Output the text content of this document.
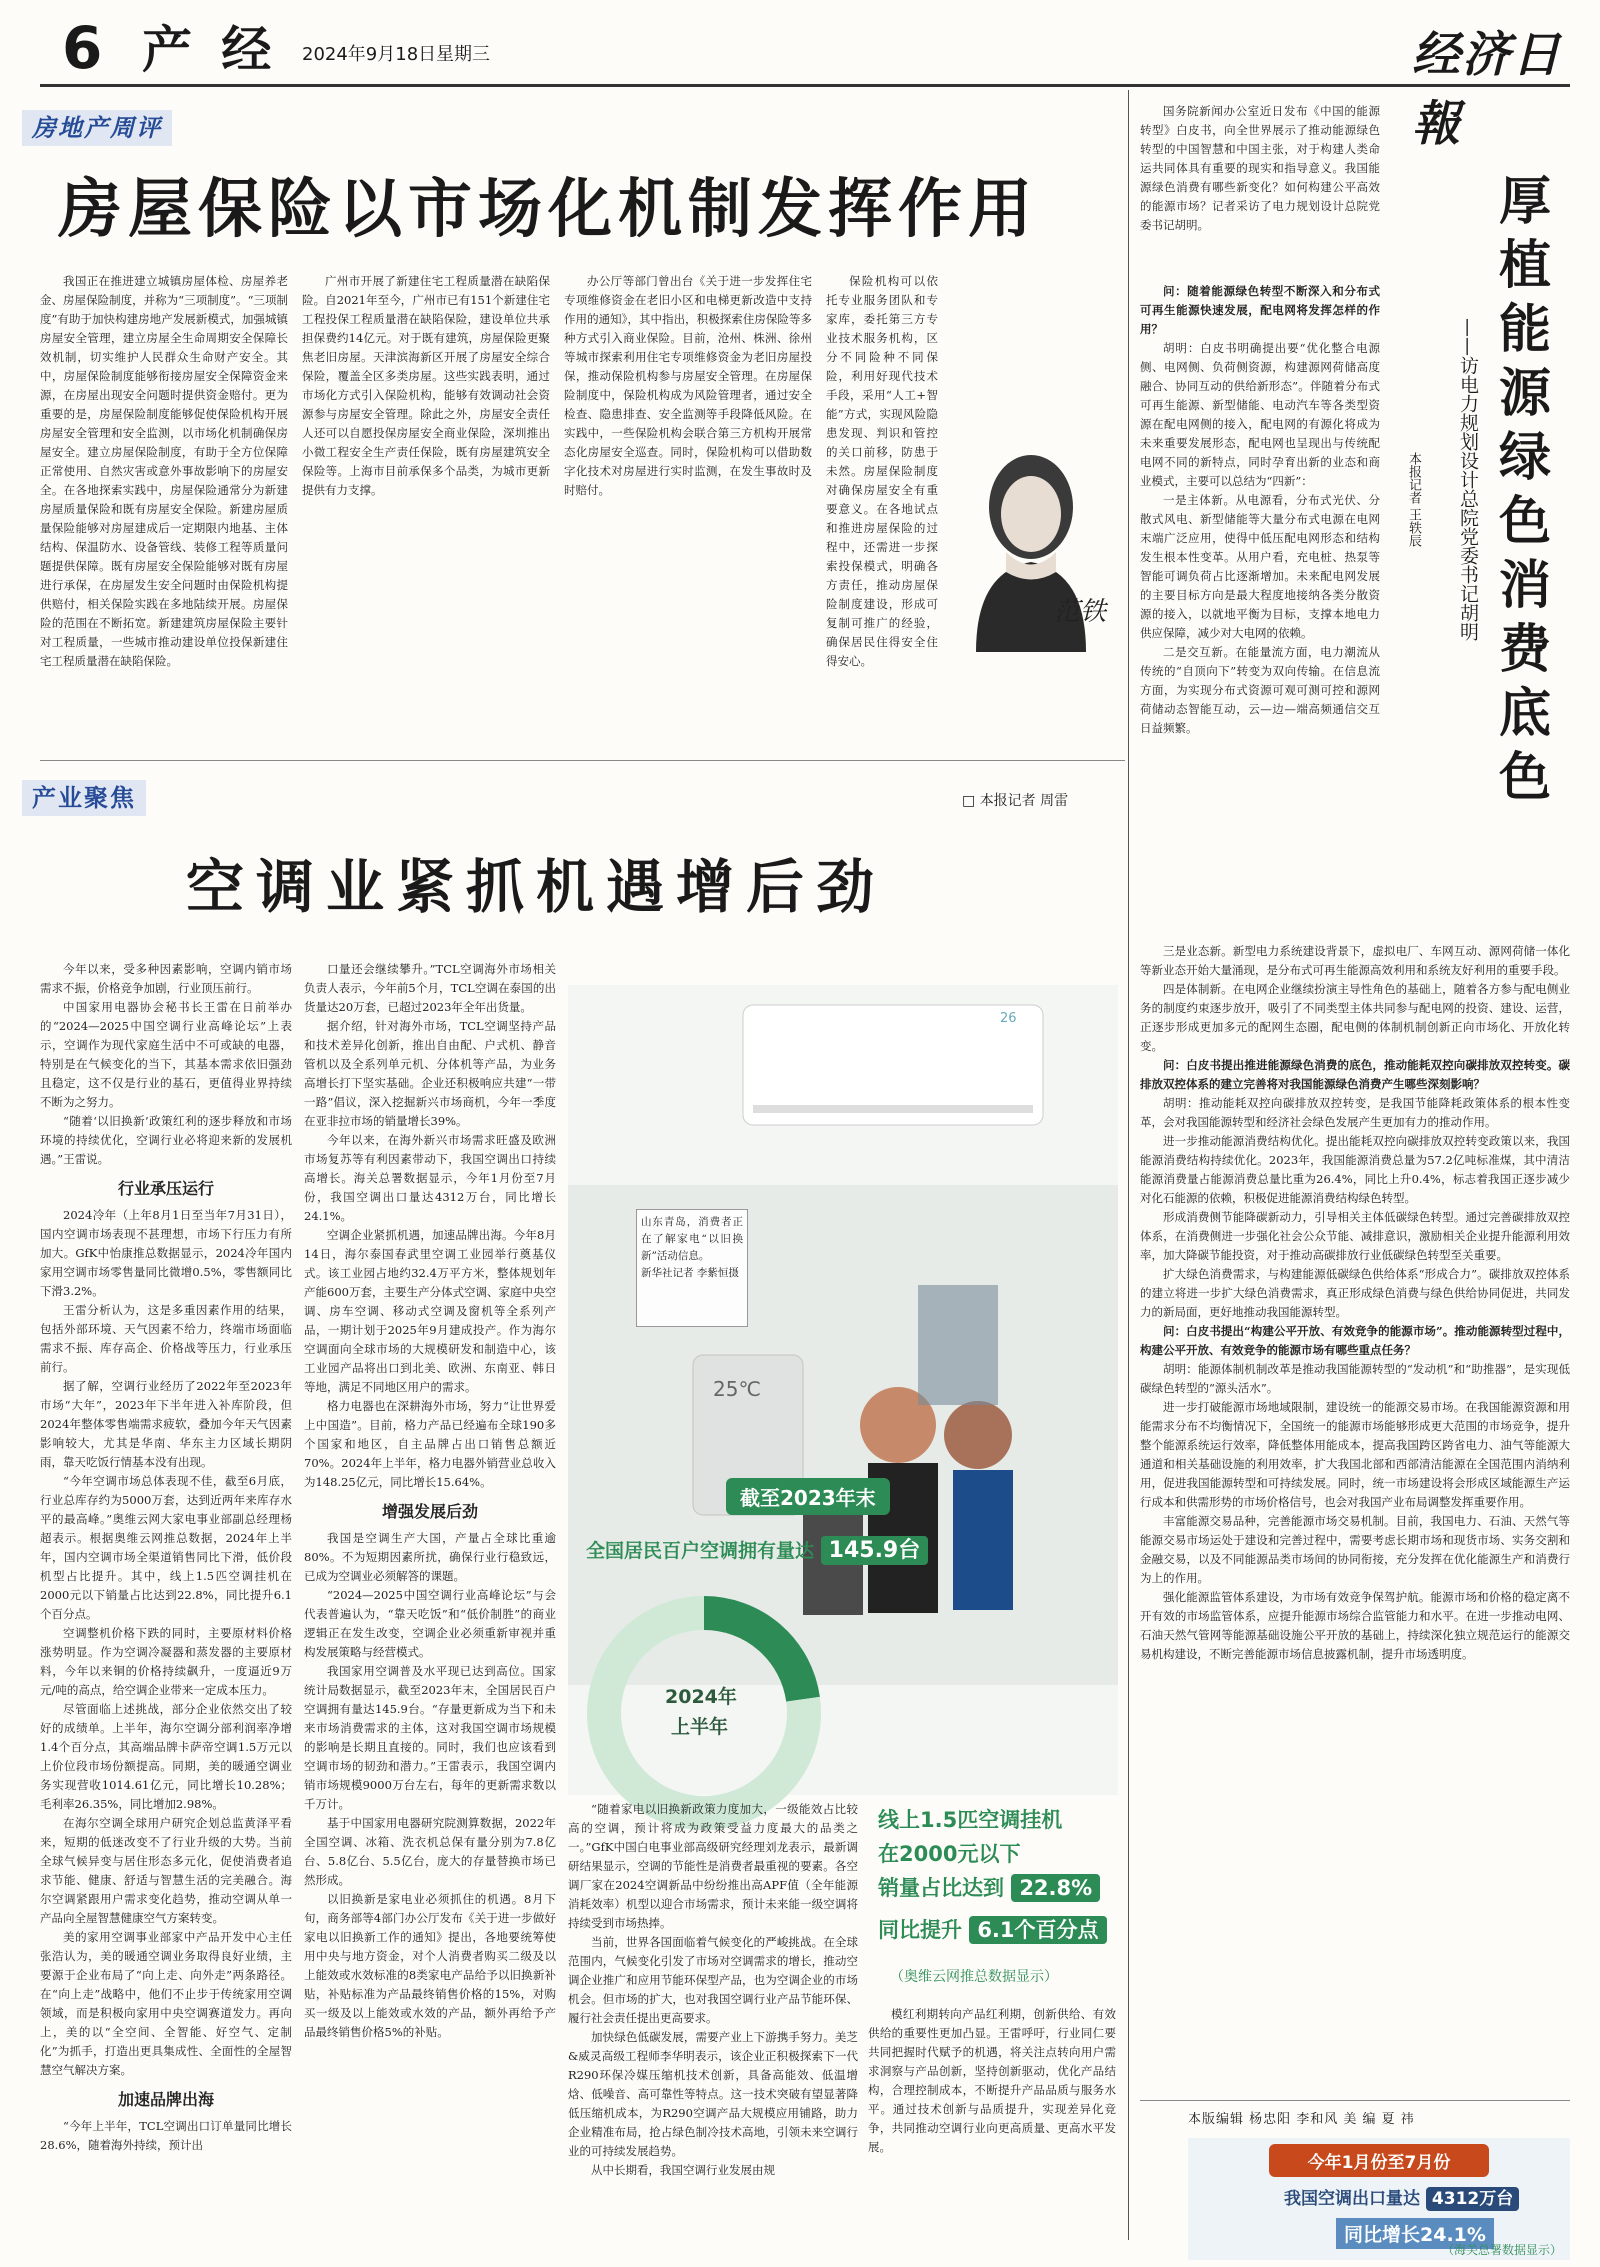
6 产 经 2024年9月18日 星期三	经济日報
房地产周评
房屋保险以市场化机制发挥作用

我国正在推进建立城镇房屋体检、房屋养老金、房屋保险制度，并称为“三项制度”。“三项制度”有助于加快构建房地产发展新模式，加强城镇房屋安全管理，建立房屋全生命周期安全保障长效机制，切实维护人民群众生命财产安全。其中，房屋保险制度能够衔接房屋安全保障资金来源，在房屋出现安全问题时提供资金赔付。更为重要的是，房屋保险制度能够促使保险机构开展房屋安全管理和安全监测，以市场化机制确保房屋安全。建立房屋保险制度，有助于全方位保障正常使用、自然灾害或意外事故影响下的房屋安全。在各地探索实践中，房屋保险通常分为新建房屋质量保险和既有房屋安全保险。新建房屋质量保险能够对房屋建成后一定期限内地基、主体结构、保温防水、设备管线、装修工程等质量问题提供保障。既有房屋安全保险能够对既有房屋进行承保，在房屋发生安全问题时由保险机构提供赔付，相关保险实践在多地陆续开展。房屋保险的范围在不断拓宽。新建建筑房屋保险主要针对工程质量，一些城市推动建设单位投保新建住宅工程质量潜在缺陷保险。

广州市开展了新建住宅工程质量潜在缺陷保险。自2021年至今，广州市已有151个新建住宅工程投保工程质量潜在缺陷保险，建设单位共承担保费约14亿元。对于既有建筑，房屋保险更聚焦老旧房屋。天津滨海新区开展了房屋安全综合保险，覆盖全区多类房屋。这些实践表明，通过市场化方式引入保险机构，能够有效调动社会资源参与房屋安全管理。除此之外，房屋安全责任人还可以自愿投保房屋安全商业保险，深圳推出小微工程安全生产责任保险，既有房屋建筑安全保险等。上海市目前承保多个品类，为城市更新提供有力支撑。

办公厅等部门曾出台《关于进一步发挥住宅专项维修资金在老旧小区和电梯更新改造中支持作用的通知》，其中指出，积极探索住房保险等多种方式引入商业保险。目前，沧州、株洲、徐州等城市探索利用住宅专项维修资金为老旧房屋投保，推动保险机构参与房屋安全管理。在房屋保险制度中，保险机构成为风险管理者，通过安全检查、隐患排查、安全监测等手段降低风险。在实践中，一些保险机构会联合第三方机构开展常态化房屋安全巡查。同时，保险机构可以借助数字化技术对房屋进行实时监测，在发生事故时及时赔付。

范铁

保险机构可以依托专业服务团队和专家库，委托第三方专业技术服务机构，区分不同险种不同保险，利用好现代技术手段，采用“人工+智能”方式，实现风险隐患发现、判识和管控的关口前移，防患于未然。房屋保险制度对确保房屋安全有重要意义。在各地试点和推进房屋保险的过程中，还需进一步探索投保模式，明确各方责任，推动房屋保险制度建设，形成可复制可推广的经验，确保居民住得安全住得安心。

产业聚焦	□ 本报记者 周雷
空调业紧抓机遇增后劲

今年以来，受多种因素影响，空调内销市场需求不振，价格竞争加剧，行业顶压前行。

中国家用电器协会秘书长王雷在日前举办的“2024—2025中国空调行业高峰论坛”上表示，空调作为现代家庭生活中不可或缺的电器，特别是在气候变化的当下，其基本需求依旧强劲且稳定，这不仅是行业的基石，更值得业界持续不断为之努力。

“随着‘以旧换新’政策红利的逐步释放和市场环境的持续优化，空调行业必将迎来新的发展机遇。”王雷说。

行业承压运行

2024冷年（上年8月1日至当年7月31日），国内空调市场表现不甚理想，市场下行压力有所加大。GfK中怡康推总数据显示，2024冷年国内家用空调市场零售量同比微增0.5%，零售额同比下滑3.2%。

王雷分析认为，这是多重因素作用的结果，包括外部环境、天气因素不给力，终端市场面临需求不振、库存高企、价格战等压力，行业承压前行。

据了解，空调行业经历了2022年至2023年市场“大年”，2023年下半年进入补库阶段，但2024年整体零售端需求疲软，叠加今年天气因素影响较大，尤其是华南、华东主力区域长期阴雨，靠天吃饭行情基本没有出现。

“今年空调市场总体表现不佳，截至6月底，行业总库存约为5000万套，达到近两年来库存水平的最高峰。”奥维云网大家电事业部副总经理杨超表示。根据奥维云网推总数据，2024年上半年，国内空调市场全渠道销售同比下滑，低价段机型占比提升。其中，线上1.5匹空调挂机在2000元以下销量占比达到22.8%，同比提升6.1个百分点。

空调整机价格下跌的同时，主要原材料价格涨势明显。作为空调冷凝器和蒸发器的主要原材料，今年以来铜的价格持续飙升，一度逼近9万元/吨的高点，给空调企业带来一定成本压力。

尽管面临上述挑战，部分企业依然交出了较好的成绩单。上半年，海尔空调分部利润率净增1.4个百分点，其高端品牌卡萨帝空调1.5万元以上价位段市场份额提高。同期，美的暖通空调业务实现营收1014.61亿元，同比增长10.28%；毛利率26.35%，同比增加2.98%。

在海尔空调全球用户研究企划总监黄泽平看来，短期的低迷改变不了行业升级的大势。当前全球气候异变与居住形态多元化，促使消费者追求节能、健康、舒适与智慧生活的完美融合。海尔空调紧跟用户需求变化趋势，推动空调从单一产品向全屋智慧健康空气方案转变。

美的家用空调事业部家中产品开发中心主任张浩认为，美的暖通空调业务取得良好业绩，主要源于企业布局了“向上走、向外走”两条路径。在“向上走”战略中，他们不止步于传统家用空调领域，而是积极向家用中央空调赛道发力。再向上，美的以“全空间、全智能、好空气、定制化”为抓手，打造出更具集成性、全面性的全屋智慧空气解决方案。

加速品牌出海

“今年上半年，TCL空调出口订单量同比增长28.6%，随着海外持续，预计出

口量还会继续攀升。”TCL空调海外市场相关负责人表示，今年前5个月，TCL空调在泰国的出货量达20万套，已超过2023年全年出货量。

据介绍，针对海外市场，TCL空调坚持产品和技术差异化创新，推出自由配、户式机、静音管机以及全系列单元机、分体机等产品，为业务高增长打下坚实基础。企业还积极响应共建“一带一路”倡议，深入挖掘新兴市场商机，今年一季度在亚非拉市场的销量增长39%。

今年以来，在海外新兴市场需求旺盛及欧洲市场复苏等有利因素带动下，我国空调出口持续高增长。海关总署数据显示，今年1月份至7月份，我国空调出口量达4312万台，同比增长24.1%。

空调企业紧抓机遇，加速品牌出海。今年8月14日，海尔泰国春武里空调工业园举行奠基仪式。该工业园占地约32.4万平方米，整体规划年产能600万套，主要生产分体式空调、家庭中央空调、房车空调、移动式空调及窗机等全系列产品，一期计划于2025年9月建成投产。作为海尔空调面向全球市场的大规模研发和制造中心，该工业园产品将出口到北美、欧洲、东南亚、韩日等地，满足不同地区用户的需求。

格力电器也在深耕海外市场，努力“让世界爱上中国造”。目前，格力产品已经遍布全球190多个国家和地区，自主品牌占出口销售总额近70%。2024年上半年，格力电器外销营业总收入为148.25亿元，同比增长15.64%。

增强发展后劲

我国是空调生产大国，产量占全球比重逾80%。不为短期因素所扰，确保行业行稳致远，已成为空调业必须解答的课题。

“2024—2025中国空调行业高峰论坛”与会代表普遍认为，“靠天吃饭”和“低价制胜”的商业逻辑正在发生改变，空调企业必须重新审视并重构发展策略与经营模式。

我国家用空调普及水平现已达到高位。国家统计局数据显示，截至2023年末，全国居民百户空调拥有量达145.9台。“存量更新成为当下和未来市场消费需求的主体，这对我国空调市场规模的影响是长期且直接的。同时，我们也应该看到空调市场的韧劲和潜力。”王雷表示，我国空调内销市场规模9000万台左右，每年的更新需求数以千万计。

基于中国家用电器研究院测算数据，2022年全国空调、冰箱、洗衣机总保有量分别为7.8亿台、5.8亿台、5.5亿台，庞大的存量替换市场已然形成。

以旧换新是家电业必须抓住的机遇。8月下旬，商务部等4部门办公厅发布《关于进一步做好家电以旧换新工作的通知》提出，各地要统筹使用中央与地方资金，对个人消费者购买二级及以上能效或水效标准的8类家电产品给予以旧换新补贴，补贴标准为产品最终销售价格的15%，对购买一级及以上能效或水效的产品，额外再给予产品最终销售价格5%的补贴。

26
25℃
山东青岛，消费者正在了解家电“以旧换新”活动信息。
新华社记者 李紫恒摄
截至2023年末
全国居民百户空调拥有量达 145.9台
2024年
上半年
线上1.5匹空调挂机
在2000元以下
销量占比达到 22.8%
同比提升 6.1个百分点
（奥维云网推总数据显示）

“随着家电以旧换新政策力度加大，一级能效占比较高的空调，预计将成为政策受益力度最大的品类之一。”GfK中国白电事业部高级研究经理刘龙表示，最新调研结果显示，空调的节能性是消费者最重视的要素。各空调厂家在2024空调新品中纷纷推出高APF值（全年能源消耗效率）机型以迎合市场需求，预计未来能一级空调将持续受到市场热捧。

当前，世界各国面临着气候变化的严峻挑战。在全球范围内，气候变化引发了市场对空调需求的增长，推动空调企业推广和应用节能环保型产品，也为空调企业的市场机会。但市场的扩大，也对我国空调行业产品节能环保、履行社会责任提出更高要求。

加快绿色低碳发展，需要产业上下游携手努力。美芝&威灵高级工程师李华明表示，该企业正积极探索下一代R290环保冷媒压缩机技术创新，具备高能效、低温增焓、低噪音、高可靠性等特点。这一技术突破有望显著降低压缩机成本，为R290空调产品大规模应用铺路，助力企业精准布局，抢占绿色制冷技术高地，引领未来空调行业的可持续发展趋势。

从中长期看，我国空调行业发展由规

模红利期转向产品红利期，创新供给、有效供给的重要性更加凸显。王雷呼吁，行业同仁要共同把握时代赋予的机遇，将关注点转向用户需求洞察与产品创新，坚持创新驱动，优化产品结构，合理控制成本，不断提升产品品质与服务水平。通过技术创新与品质提升，实现差异化竞争，共同推动空调行业向更高质量、更高水平发展。

国务院新闻办公室近日发布《中国的能源转型》白皮书，向全世界展示了推动能源绿色转型的中国智慧和中国主张，对于构建人类命运共同体具有重要的现实和指导意义。我国能源绿色消费有哪些新变化？如何构建公平高效的能源市场？记者采访了电力规划设计总院党委书记胡明。	厚植能源绿色消费底色
——访电力规划设计总院党委书记胡明
本报记者 王轶辰

问：随着能源绿色转型不断深入和分布式可再生能源快速发展，配电网将发挥怎样的作用？

胡明：白皮书明确提出要“优化整合电源侧、电网侧、负荷侧资源，构建源网荷储高度融合、协同互动的供给新形态”。伴随着分布式可再生能源、新型储能、电动汽车等各类型资源在配电网侧的接入，配电网的有源化将成为未来重要发展形态，配电网也呈现出与传统配电网不同的新特点，同时孕育出新的业态和商业模式，主要可以总结为“四新”：

一是主体新。从电源看，分布式光伏、分散式风电、新型储能等大量分布式电源在电网末端广泛应用，使得中低压配电网形态和结构发生根本性变革。从用户看，充电桩、热泵等智能可调负荷占比逐渐增加。未来配电网发展的主要目标方向是最大程度地接纳各类分散资源的接入，以就地平衡为目标，支撑本地电力供应保障，减少对大电网的依赖。

二是交互新。在能量流方面，电力潮流从传统的“自顶向下”转变为双向传输。在信息流方面，为实现分布式资源可观可测可控和源网荷储动态智能互动，云—边—端高频通信交互日益频繁。

三是业态新。新型电力系统建设背景下，虚拟电厂、车网互动、源网荷储一体化等新业态开始大量涌现，是分布式可再生能源高效利用和系统友好利用的重要手段。

四是体制新。在电网企业继续扮演主导性角色的基础上，随着各方参与配电侧业务的制度约束逐步放开，吸引了不同类型主体共同参与配电网的投资、建设、运营，正逐步形成更加多元的配网生态圈，配电侧的体制机制创新正向市场化、开放化转变。

问：白皮书提出推进能源绿色消费的底色，推动能耗双控向碳排放双控转变。碳排放双控体系的建立完善将对我国能源绿色消费产生哪些深刻影响？

胡明：推动能耗双控向碳排放双控转变，是我国节能降耗政策体系的根本性变革，会对我国能源转型和经济社会绿色发展产生更加有力的推动作用。

进一步推动能源消费结构优化。提出能耗双控向碳排放双控转变政策以来，我国能源消费结构持续优化。2023年，我国能源消费总量为57.2亿吨标准煤，其中清洁能源消费量占能源消费总量比重为26.4%，同比上升0.4%，标志着我国正逐步减少对化石能源的依赖，积极促进能源消费结构绿色转型。

形成消费侧节能降碳新动力，引导相关主体低碳绿色转型。通过完善碳排放双控体系，在消费侧进一步强化社会公众节能、减排意识，激励相关企业提升能源利用效率，加大降碳节能投资，对于推动高碳排放行业低碳绿色转型至关重要。

扩大绿色消费需求，与构建能源低碳绿色供给体系“形成合力”。碳排放双控体系的建立将进一步扩大绿色消费需求，真正形成绿色消费与绿色供给协同促进，共同发力的新局面，更好地推动我国能源转型。

问：白皮书提出“构建公平开放、有效竞争的能源市场”。推动能源转型过程中，构建公平开放、有效竞争的能源市场有哪些重点任务？

胡明：能源体制机制改革是推动我国能源转型的“发动机”和“助推器”，是实现低碳绿色转型的“源头活水”。

进一步打破能源市场地域限制，建设统一的能源交易市场。在我国能源资源和用能需求分布不均衡情况下，全国统一的能源市场能够形成更大范围的市场竞争，提升整个能源系统运行效率，降低整体用能成本，提高我国跨区跨省电力、油气等能源大通道和相关基础设施的利用效率，扩大我国北部和西部清洁能源在全国范围内消纳利用，促进我国能源转型和可持续发展。同时，统一市场建设将会形成区域能源生产运行成本和供需形势的市场价格信号，也会对我国产业布局调整发挥重要作用。

丰富能源交易品种，完善能源市场交易机制。目前，我国电力、石油、天然气等能源交易市场运处于建设和完善过程中，需要考虑长期市场和现货市场、实务交割和金融交易，以及不同能源品类市场间的协同衔接，充分发挥在优化能源生产和消费行为上的作用。

强化能源监管体系建设，为市场有效竞争保驾护航。能源市场和价格的稳定离不开有效的市场监管体系，应提升能源市场综合监管能力和水平。在进一步推动电网、石油天然气管网等能源基础设施公平开放的基础上，持续深化独立规范运行的能源交易机构建设，不断完善能源市场信息披露机制，提升市场透明度。

本版编辑 杨忠阳 李和风 美 编 夏 祎
今年1月份至7月份
我国空调出口量达 4312万台
同比增长24.1%
（海关总署数据显示）
